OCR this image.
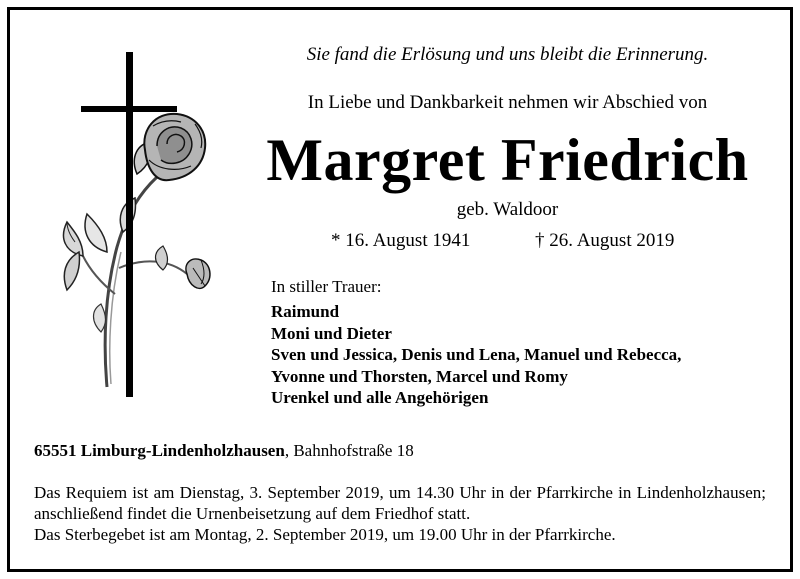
Sie fand die Erlösung und uns bleibt die Erinnerung.
In Liebe und Dankbarkeit nehmen wir Abschied von
Margret Friedrich
geb. Waldoor
* 16. August 1941	† 26. August 2019
In stiller Trauer:
Raimund
Moni und Dieter
Sven und Jessica, Denis und Lena, Manuel und Rebecca,
Yvonne und Thorsten, Marcel und Romy
Urenkel und alle Angehörigen
65551 Limburg-Lindenholzhausen, Bahnhofstraße 18

Das Requiem ist am Dienstag, 3. September 2019, um 14.30 Uhr in der Pfarrkirche in Lindenholzhausen; anschließend findet die Urnenbeisetzung auf dem Friedhof statt.

Das Sterbegebet ist am Montag, 2. September 2019, um 19.00 Uhr in der Pfarrkirche.
